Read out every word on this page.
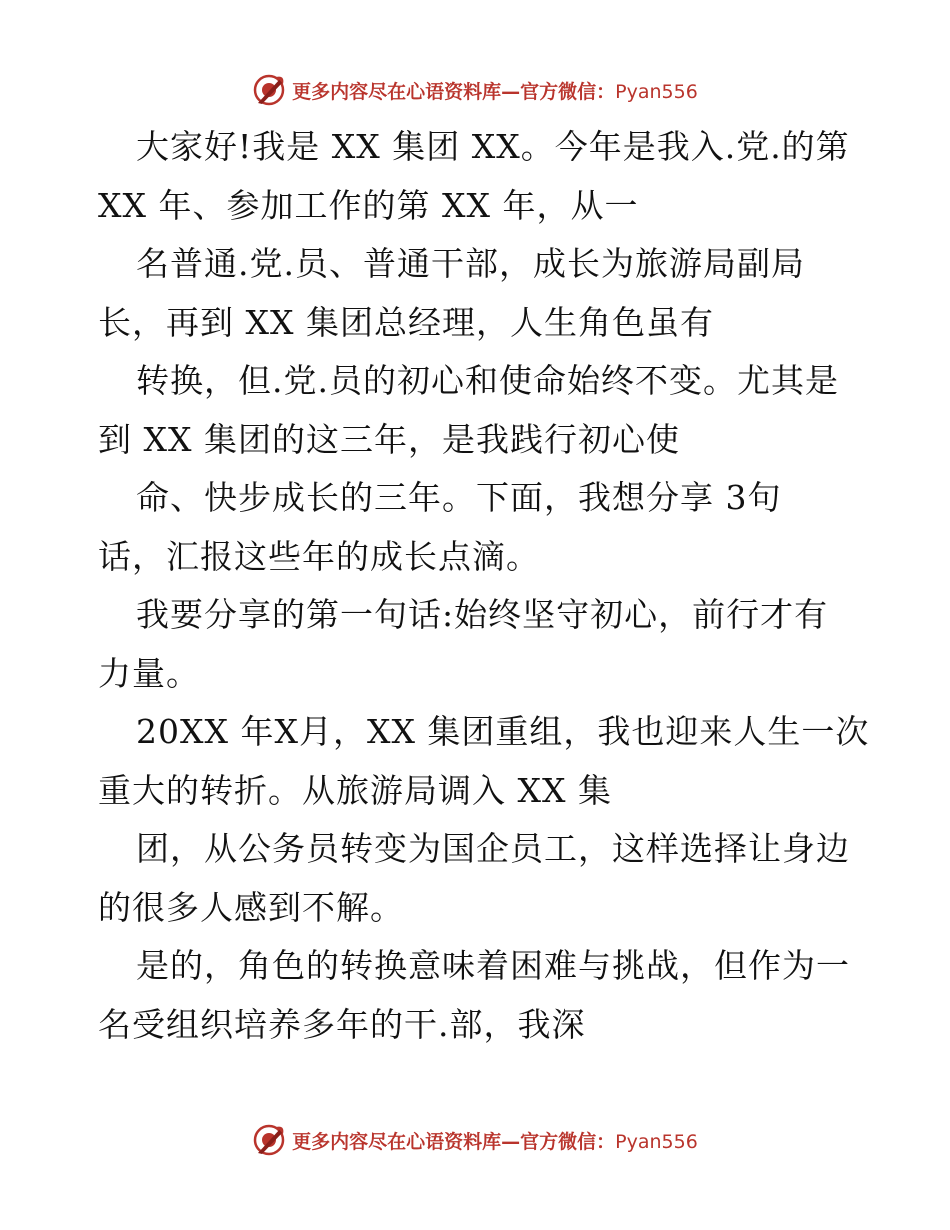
更多内容尽在心语资料库—官方微信：Pyan556
大家好!我是 XX 集团 XX。今年是我入.党.的第
XX 年、参加工作的第 XX 年，从一
名普通.党.员、普通干部，成长为旅游局副局
长，再到 XX 集团总经理，人生角色虽有
转换，但.党.员的初心和使命始终不变。尤其是
到 XX 集团的这三年，是我践行初心使
命、快步成长的三年。下面，我想分享 3句
话，汇报这些年的成长点滴。
我要分享的第一句话:始终坚守初心，前行才有
力量。
20XX 年X月，XX 集团重组，我也迎来人生一次
重大的转折。从旅游局调入 XX 集
团，从公务员转变为国企员工，这样选择让身边
的很多人感到不解。
是的，角色的转换意味着困难与挑战，但作为一
名受组织培养多年的干.部，我深
更多内容尽在心语资料库—官方微信：Pyan556
